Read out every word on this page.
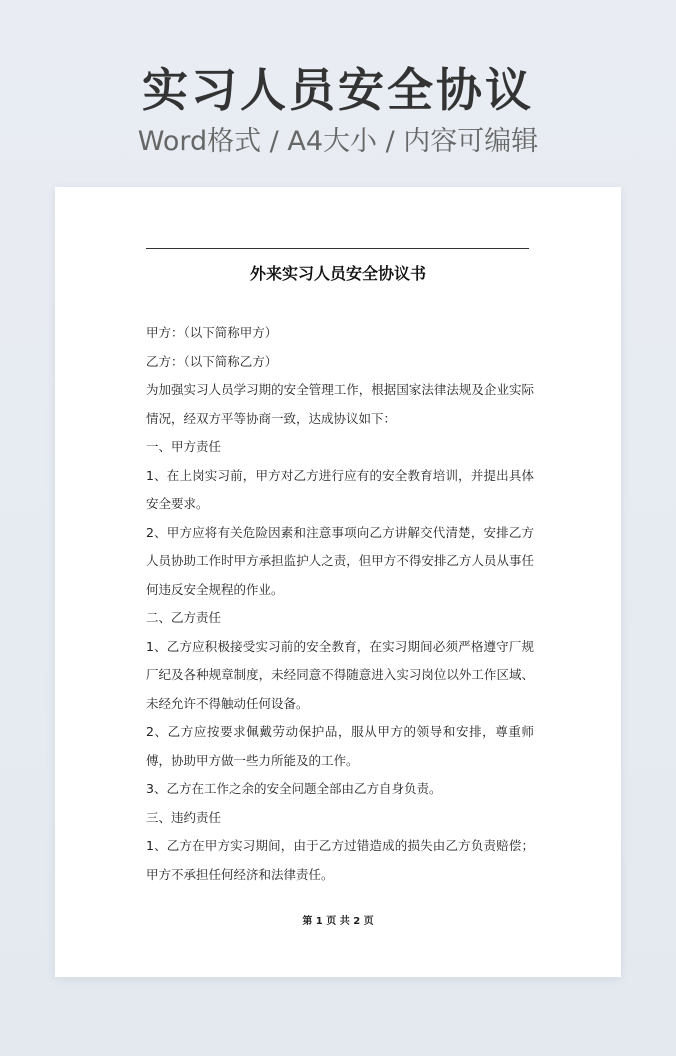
实习人员安全协议
Word格式 / A4大小 / 内容可编辑
外来实习人员安全协议书

甲方：（以下简称甲方）

乙方：（以下简称乙方）

为加强实习人员学习期的安全管理工作，根据国家法律法规及企业实际情况，经双方平等协商一致，达成协议如下：

一、甲方责任

1、在上岗实习前，甲方对乙方进行应有的安全教育培训，并提出具体安全要求。

2、甲方应将有关危险因素和注意事项向乙方讲解交代清楚，安排乙方人员协助工作时甲方承担监护人之责，但甲方不得安排乙方人员从事任何违反安全规程的作业。

二、乙方责任

1、乙方应积极接受实习前的安全教育，在实习期间必须严格遵守厂规厂纪及各种规章制度，未经同意不得随意进入实习岗位以外工作区域、未经允许不得触动任何设备。

2、乙方应按要求佩戴劳动保护品，服从甲方的领导和安排，尊重师傅，协助甲方做一些力所能及的工作。

3、乙方在工作之余的安全问题全部由乙方自身负责。

三、违约责任

1、乙方在甲方实习期间，由于乙方过错造成的损失由乙方负责赔偿；甲方不承担任何经济和法律责任。

第 1 页 共 2 页
